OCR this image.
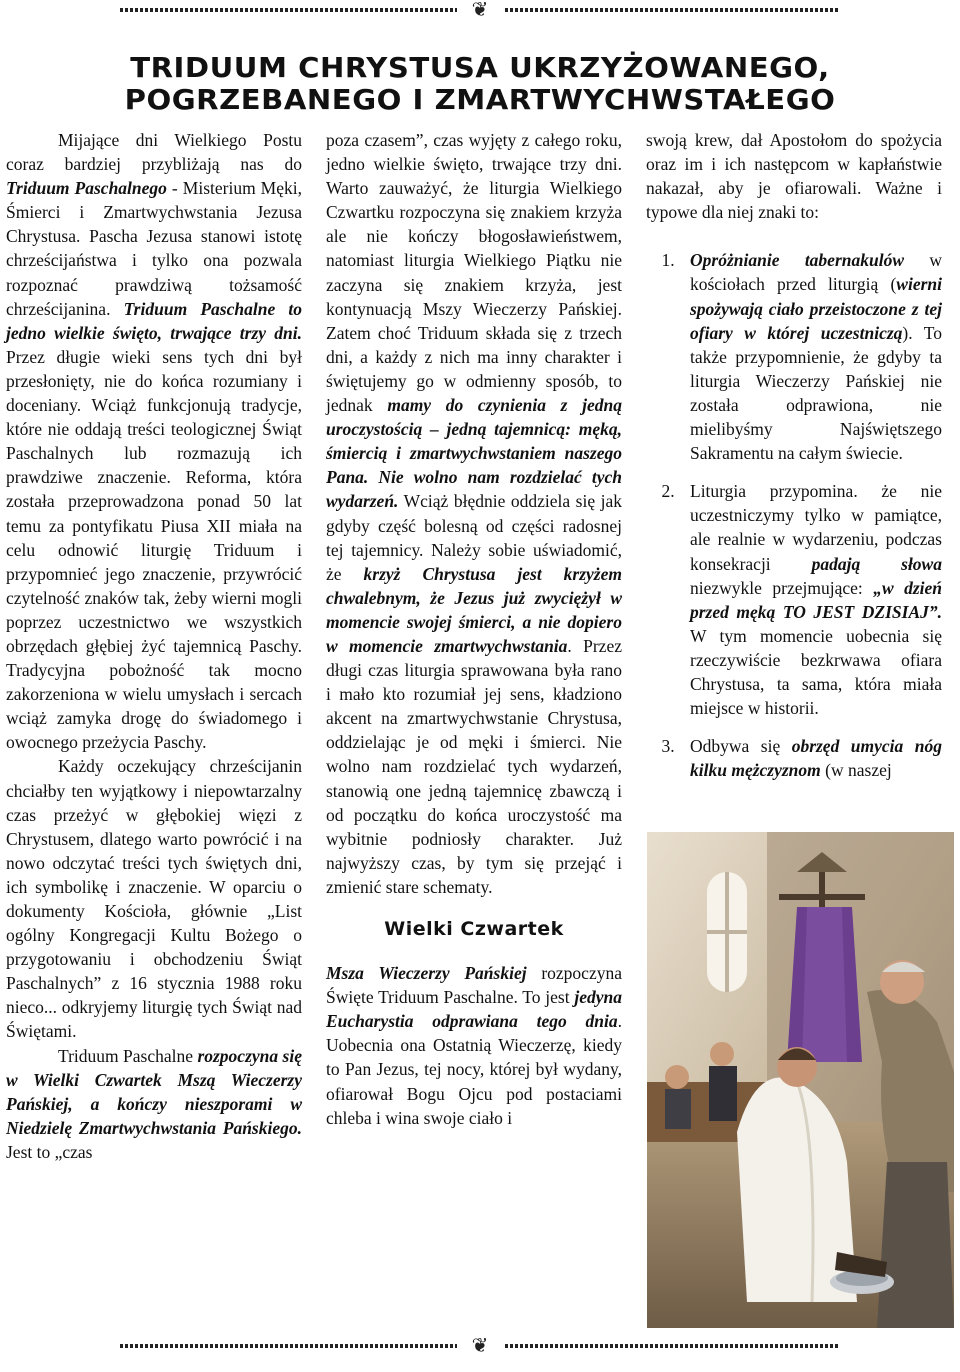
❦
TRIDUUM CHRYSTUSA UKRZYŻOWANEGO,
POGRZEBANEGO I ZMARTWYCHWSTAŁEGO

Mijające dni Wielkiego Postu coraz bardziej przybliżają nas do Triduum Paschalnego - Misterium Męki, Śmierci i Zmartwychwstania Jezusa Chrystusa. Pascha Jezusa stanowi istotę chrześcijaństwa i tylko ona pozwala rozpoznać prawdziwą tożsamość chrześcijanina. Triduum Paschalne to jedno wielkie święto, trwające trzy dni. Przez długie wieki sens tych dni był przesłonięty, nie do końca rozumiany i doceniany. Wciąż funkcjonują tradycje, które nie oddają treści teologicznej Świąt Paschalnych lub rozmazują ich prawdziwe znaczenie. Reforma, która została przeprowadzona ponad 50 lat temu za pontyfikatu Piusa XII miała na celu odnowić liturgię Triduum i przypomnieć jego znaczenie, przywrócić czytelność znaków tak, żeby wierni mogli poprzez uczestnictwo we wszystkich obrzędach głębiej żyć tajemnicą Paschy. Tradycyjna pobożność tak mocno zakorzeniona w wielu umysłach i sercach wciąż zamyka drogę do świadomego i owocnego przeżycia Paschy.

Każdy oczekujący chrześcijanin chciałby ten wyjątkowy i niepowtarzalny czas przeżyć w głębokiej więzi z Chrystusem, dlatego warto powrócić i na nowo odczytać treści tych świętych dni, ich symbolikę i znaczenie. W oparciu o dokumenty Kościoła, głównie „List ogólny Kongregacji Kultu Bożego o przygotowaniu i obchodzeniu Świąt Paschalnych” z 16 stycznia 1988 roku nieco... odkryjemy liturgię tych Świąt nad Świętami.

Triduum Paschalne rozpoczyna się w Wielki Czwartek Mszą Wieczerzy Pańskiej, a kończy nieszporami w Niedzielę Zmartwychwstania Pańskiego. Jest to „czas

poza czasem”, czas wyjęty z całego roku, jedno wielkie święto, trwające trzy dni. Warto zauważyć, że liturgia Wielkiego Czwartku rozpoczyna się znakiem krzyża ale nie kończy błogosławieństwem, natomiast liturgia Wielkiego Piątku nie zaczyna się znakiem krzyża, jest kontynuacją Mszy Wieczerzy Pańskiej. Zatem choć Triduum składa się z trzech dni, a każdy z nich ma inny charakter i świętujemy go w odmienny sposób, to jednak mamy do czynienia z jedną uroczystością – jedną tajemnicą: męką, śmiercią i zmartwychwstaniem naszego Pana. Nie wolno nam rozdzielać tych wydarzeń. Wciąż błędnie oddziela się jak gdyby część bolesną od części radosnej tej tajemnicy. Należy sobie uświadomić, że krzyż Chrystusa jest krzyżem chwalebnym, że Jezus już zwyciężył w momencie swojej śmierci, a nie dopiero w momencie zmartwychwstania. Przez długi czas liturgia sprawowana była rano i mało kto rozumiał jej sens, kładziono akcent na zmartwychwstanie Chrystusa, oddzielając je od męki i śmierci. Nie wolno nam rozdzielać tych wydarzeń, stanowią one jedną tajemnicę zbawczą i od początku do końca uroczystość ma wybitnie podniosły charakter. Już najwyższy czas, by tym się przejąć i zmienić stare schematy.

Wielki Czwartek

Msza Wieczerzy Pańskiej rozpoczyna Święte Triduum Paschalne. To jest jedyna Eucharystia odprawiana tego dnia. Uobecnia ona Ostatnią Wieczerzę, kiedy to Pan Jezus, tej nocy, której był wydany, ofiarował Bogu Ojcu pod postaciami chleba i wina swoje ciało i

swoją krew, dał Apostołom do spożycia oraz im i ich następcom w kapłaństwie nakazał, aby je ofiarowali. Ważne i typowe dla niej znaki to:

1. Opróżnianie tabernakulów w kościołach przed liturgią (wierni spożywają ciało przeistoczone z tej ofiary w której uczestniczą). To także przypomnienie, że gdyby ta liturgia Wieczerzy Pańskiej nie została odprawiona, nie mielibyśmy Najświętszego Sakramentu na całym świecie.

2. Liturgia przypomina. że nie uczestniczymy tylko w pamiątce, ale realnie w wydarzeniu, podczas konsekracji padają słowa niezwykle przejmujące: „w dzień przed męką TO JEST DZISIAJ”. W tym momencie uobecnia się rzeczywiście bezkrwawa ofiara Chrystusa, ta sama, która miała miejsce w historii.

3. Odbywa się obrzęd umycia nóg kilku mężczyznom (w naszej

❦
